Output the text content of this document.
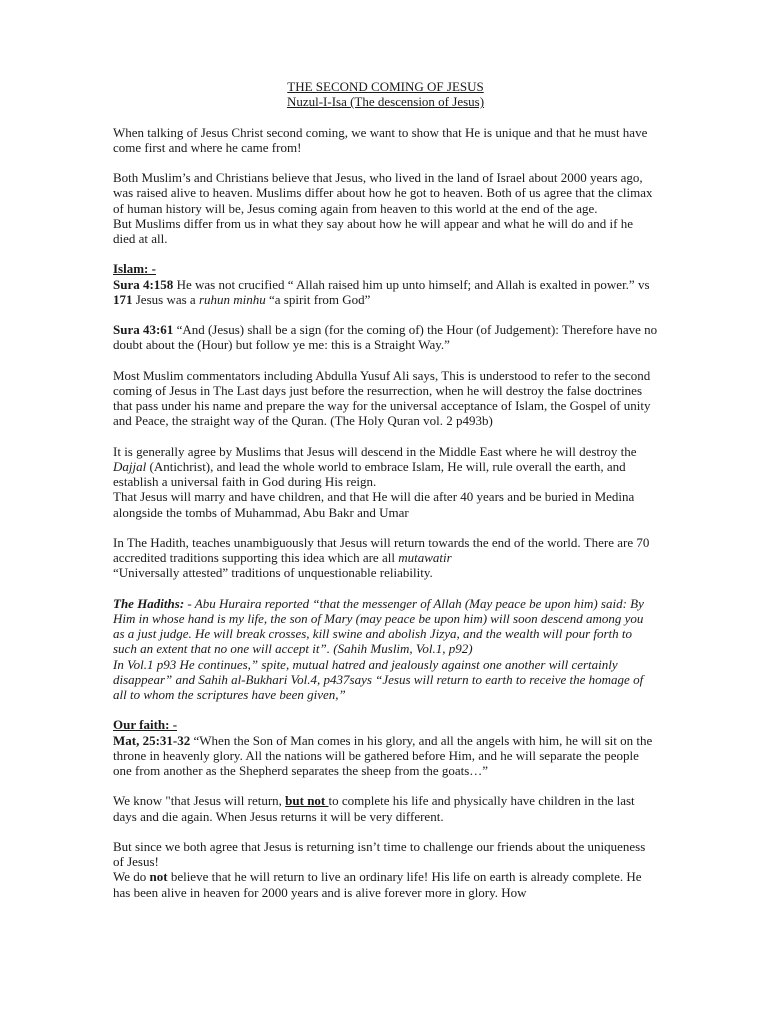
THE SECOND COMING OF JESUS
Nuzul-I-Isa (The descension of Jesus)

When talking of Jesus Christ second coming, we want to show that He is unique and that he must have come first and where he came from!

Both Muslim’s and Christians believe that Jesus, who lived in the land of Israel about 2000 years ago, was raised alive to heaven. Muslims differ about how he got to heaven. Both of us agree that the climax of human history will be, Jesus coming again from heaven to this world at the end of the age.

But Muslims differ from us in what they say about how he will appear and what he will do and if he died at all.

Islam: -

Sura 4:158 He was not crucified “ Allah raised him up unto himself; and Allah is exalted in power.” vs 171 Jesus was a ruhun minhu “a spirit from God”

Sura 43:61 “And (Jesus) shall be a sign (for the coming of) the Hour (of Judgement): Therefore have no doubt about the (Hour) but follow ye me: this is a Straight Way.”

Most Muslim commentators including Abdulla Yusuf Ali says, This is understood to refer to the second coming of Jesus in The Last days just before the resurrection, when he will destroy the false doctrines that pass under his name and prepare the way for the universal acceptance of Islam, the Gospel of unity and Peace, the straight way of the Quran. (The Holy Quran vol. 2 p493b)

It is generally agree by Muslims that Jesus will descend in the Middle East where he will destroy the Dajjal (Antichrist), and lead the whole world to embrace Islam, He will, rule overall the earth, and establish a universal faith in God during His reign.

That Jesus will marry and have children, and that He will die after 40 years and be buried in Medina alongside the tombs of Muhammad, Abu Bakr and Umar

In The Hadith, teaches unambiguously that Jesus will return towards the end of the world. There are 70 accredited traditions supporting this idea which are all mutawatir
“Universally attested” traditions of unquestionable reliability.

The Hadiths: - Abu Huraira reported “that the messenger of Allah (May peace be upon him) said: By Him in whose hand is my life, the son of Mary (may peace be upon him) will soon descend among you as a just judge. He will break crosses, kill swine and abolish Jizya, and the wealth will pour forth to such an extent that no one will accept it”. (Sahih Muslim, Vol.1, p92)

In Vol.1 p93 He continues,” spite, mutual hatred and jealously against one another will certainly disappear” and Sahih al-Bukhari Vol.4, p437says “Jesus will return to earth to receive the homage of all to whom the scriptures have been given,”

Our faith: -

Mat, 25:31-32 “When the Son of Man comes in his glory, and all the angels with him, he will sit on the throne in heavenly glory. All the nations will be gathered before Him, and he will separate the people one from another as the Shepherd separates the sheep from the goats…”

We know "that Jesus will return, but not to complete his life and physically have children in the last days and die again. When Jesus returns it will be very different.

But since we both agree that Jesus is returning isn’t time to challenge our friends about the uniqueness of Jesus!
We do not believe that he will return to live an ordinary life! His life on earth is already complete. He has been alive in heaven for 2000 years and is alive forever more in glory. How
